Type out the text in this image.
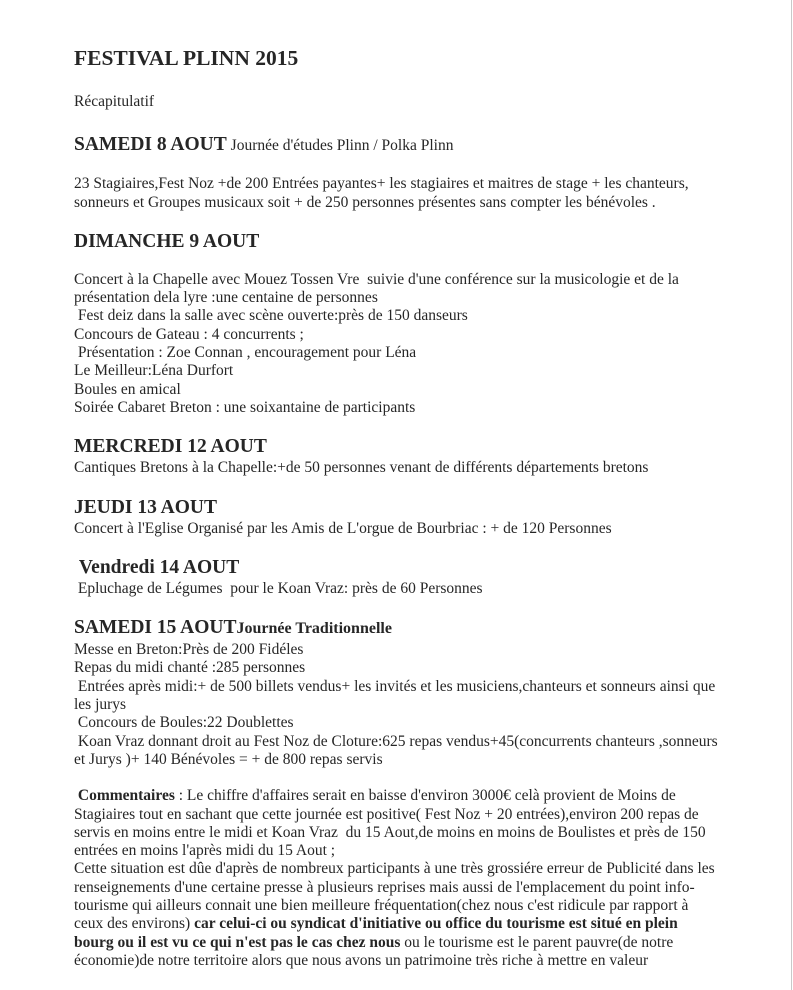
FESTIVAL PLINN 2015

Récapitulatif

SAMEDI 8 AOUT Journée d'études Plinn / Polka Plinn

23 Stagiaires,Fest Noz +de 200 Entrées payantes+ les stagiaires et maitres de stage + les chanteurs, sonneurs et Groupes musicaux soit + de 250 personnes présentes sans compter les bénévoles .

DIMANCHE 9 AOUT

Concert à la Chapelle avec Mouez Tossen Vre  suivie d'une conférence sur la musicologie et de la présentation dela lyre :une centaine de personnes

Fest deiz dans la salle avec scène ouverte:près de 150 danseurs

Concours de Gateau : 4 concurrents ;

Présentation : Zoe Connan , encouragement pour Léna

Le Meilleur:Léna Durfort

Boules en amical

Soirée Cabaret Breton : une soixantaine de participants

MERCREDI 12 AOUT

Cantiques Bretons à la Chapelle:+de 50 personnes venant de différents départements bretons

JEUDI 13 AOUT

Concert à l'Eglise Organisé par les Amis de L'orgue de Bourbriac : + de 120 Personnes

Vendredi 14 AOUT

Epluchage de Légumes  pour le Koan Vraz: près de 60 Personnes

SAMEDI 15 AOUTJournée Traditionnelle

Messe en Breton:Près de 200 Fidéles

Repas du midi chanté :285 personnes

Entrées après midi:+ de 500 billets vendus+ les invités et les musiciens,chanteurs et sonneurs ainsi que les jurys

Concours de Boules:22 Doublettes

Koan Vraz donnant droit au Fest Noz de Cloture:625 repas vendus+45(concurrents chanteurs ,sonneurs et Jurys )+ 140 Bénévoles = + de 800 repas servis

Commentaires : Le chiffre d'affaires serait en baisse d'environ 3000€ celà provient de Moins de Stagiaires tout en sachant que cette journée est positive( Fest Noz + 20 entrées),environ 200 repas de servis en moins entre le midi et Koan Vraz  du 15 Aout,de moins en moins de Boulistes et près de 150 entrées en moins l'après midi du 15 Aout ;

Cette situation est dûe d'après de nombreux participants à une très grossiére erreur de Publicité dans les renseignements d'une certaine presse à plusieurs reprises mais aussi de l'emplacement du point info-tourisme qui ailleurs connait une bien meilleure fréquentation(chez nous c'est ridicule par rapport à ceux des environs) car celui-ci ou syndicat d'initiative ou office du tourisme est situé en plein bourg ou il est vu ce qui n'est pas le cas chez nous ou le tourisme est le parent pauvre(de notre économie)de notre territoire alors que nous avons un patrimoine très riche à mettre en valeur
